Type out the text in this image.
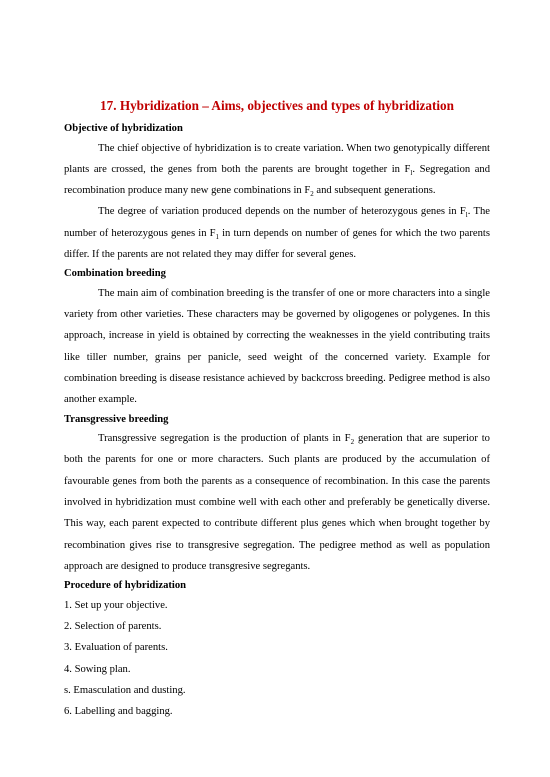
17. Hybridization – Aims, objectives and types of hybridization
Objective of hybridization

The chief objective of hybridization is to create variation. When two genotypically different plants are crossed, the genes from both the parents are brought together in $F_l$. Segregation and recombination produce many new gene combinations in $F_2$ and subsequent generations.

The degree of variation produced depends on the number of heterozygous genes in $F_l$. The number of heterozygous genes in $F_1$ in turn depends on number of genes for which the two parents differ. If the parents are not related they may differ for several genes.

Combination breeding

The main aim of combination breeding is the transfer of one or more characters into a single variety from other varieties. These characters may be governed by oligogenes or polygenes. In this approach, increase in yield is obtained by correcting the weaknesses in the yield contributing traits like tiller number, grains per panicle, seed weight of the concerned variety. Example for combination breeding is disease resistance achieved by backcross breeding. Pedigree method is also another example.

Transgressive breeding

Transgressive segregation is the production of plants in $F_2$ generation that are superior to both the parents for one or more characters. Such plants are produced by the accumulation of favourable genes from both the parents as a consequence of recombination. In this case the parents involved in hybridization must combine well with each other and preferably be genetically diverse. This way, each parent expected to contribute different plus genes which when brought together by recombination gives rise to transgresive segregation. The pedigree method as well as population approach are designed to produce transgresive segregants.

Procedure of hybridization
1. Set up your objective.
2. Selection of parents.
3. Evaluation of parents.
4. Sowing plan.
s. Emasculation and dusting.
6. Labelling and bagging.
